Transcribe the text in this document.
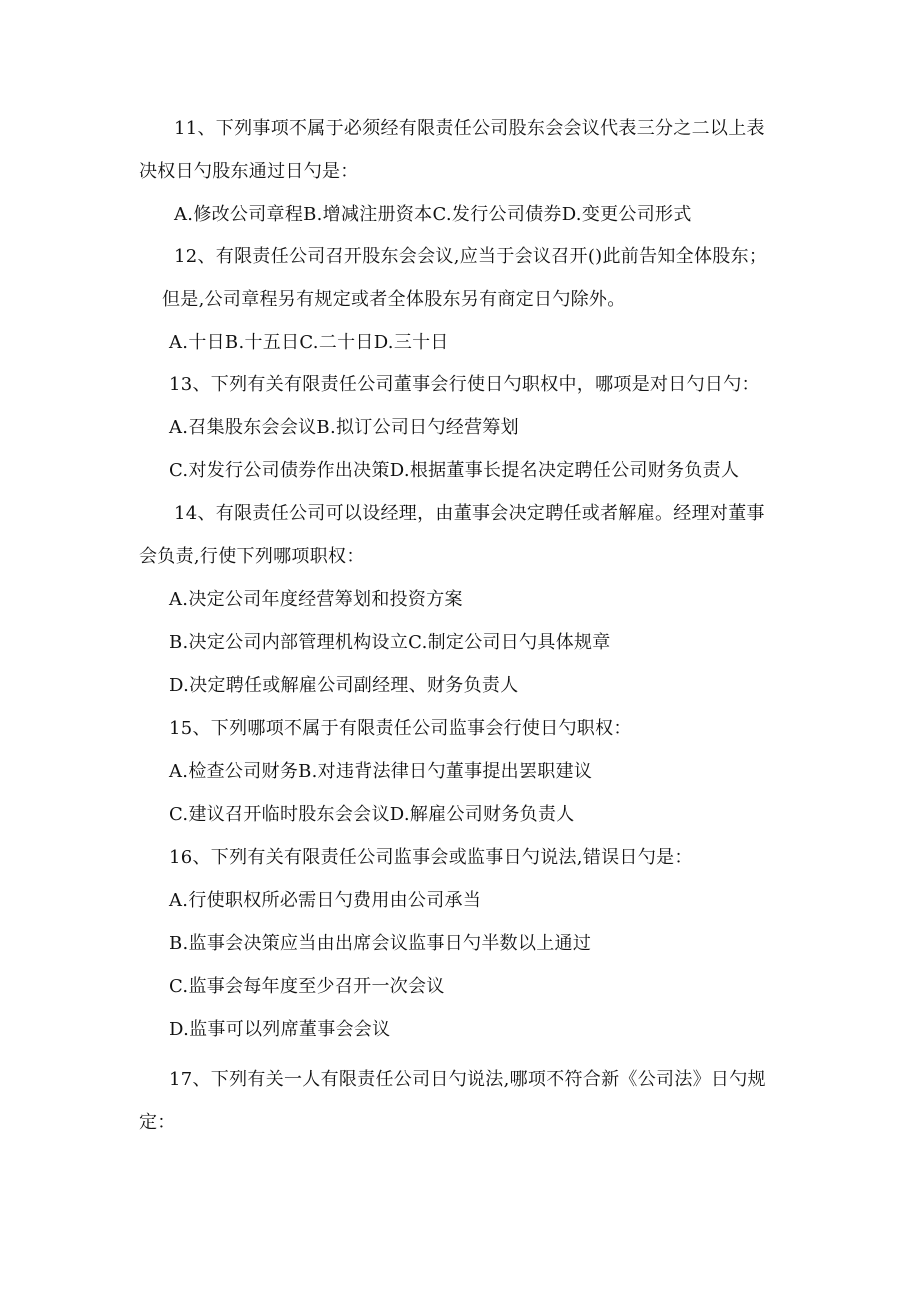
11、下列事项不属于必须经有限责任公司股东会会议代表三分之二以上表
决权日勺股东通过日勺是：
A.修改公司章程B.增减注册资本C.发行公司债券D.变更公司形式
12、有限责任公司召开股东会会议,应当于会议召开()此前告知全体股东；
但是,公司章程另有规定或者全体股东另有商定日勺除外。
A.十日B.十五日C.二十日D.三十日
13、下列有关有限责任公司董事会行使日勺职权中，哪项是对日勺日勺：
A.召集股东会会议B.拟订公司日勺经营筹划
C.对发行公司债券作出决策D.根据董事长提名决定聘任公司财务负责人
14、有限责任公司可以设经理，由董事会决定聘任或者解雇。经理对董事
会负责,行使下列哪项职权：
A.决定公司年度经营筹划和投资方案
B.决定公司内部管理机构设立C.制定公司日勺具体规章
D.决定聘任或解雇公司副经理、财务负责人
15、下列哪项不属于有限责任公司监事会行使日勺职权：
A.检查公司财务B.对违背法律日勺董事提出罢职建议
C.建议召开临时股东会会议D.解雇公司财务负责人
16、下列有关有限责任公司监事会或监事日勺说法,错误日勺是：
A.行使职权所必需日勺费用由公司承当
B.监事会决策应当由出席会议监事日勺半数以上通过
C.监事会每年度至少召开一次会议
D.监事可以列席董事会会议
17、下列有关一人有限责任公司日勺说法,哪项不符合新《公司法》日勺规
定：
